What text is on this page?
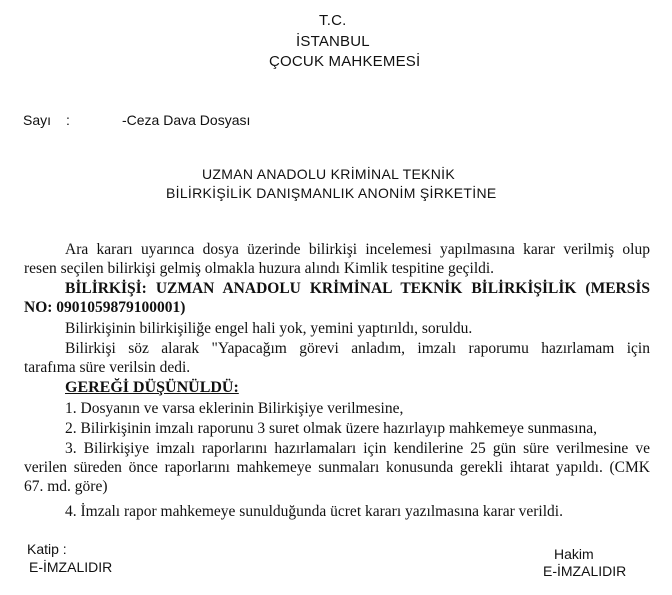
T.C.
İSTANBUL
ÇOCUK MAHKEMESİ
Sayı :	-Ceza Dava Dosyası
UZMAN ANADOLU KRİMİNAL TEKNİK
BİLİRKİŞİLİK DANIŞMANLIK ANONİM ŞİRKETİNE
Ara kararı uyarınca dosya üzerinde bilirkişi incelemesi yapılmasına karar verilmiş olup
resen seçilen bilirkişi gelmiş olmakla huzura alındı Kimlik tespitine geçildi.
BİLİRKİŞİ: UZMAN ANADOLU KRİMİNAL TEKNİK BİLİRKİŞİLİK (MERSİS
NO: 0901059879100001)
Bilirkişinin bilirkişiliğe engel hali yok, yemini yaptırıldı, soruldu.
Bilirkişi söz alarak "Yapacağım görevi anladım, imzalı raporumu hazırlamam için
tarafıma süre verilsin dedi.
GEREĞİ DÜŞÜNÜLDÜ:
1. Dosyanın ve varsa eklerinin Bilirkişiye verilmesine,
2. Bilirkişinin imzalı raporunu 3 suret olmak üzere hazırlayıp mahkemeye sunmasına,
3. Bilirkişiye imzalı raporlarını hazırlamaları için kendilerine 25 gün süre verilmesine ve
verilen süreden önce raporlarını mahkemeye sunmaları konusunda gerekli ihtarat yapıldı. (CMK
67. md. göre)
4. İmzalı rapor mahkemeye sunulduğunda ücret kararı yazılmasına karar verildi.
Katip :
E-İMZALIDIR
Hakim
E-İMZALIDIR
